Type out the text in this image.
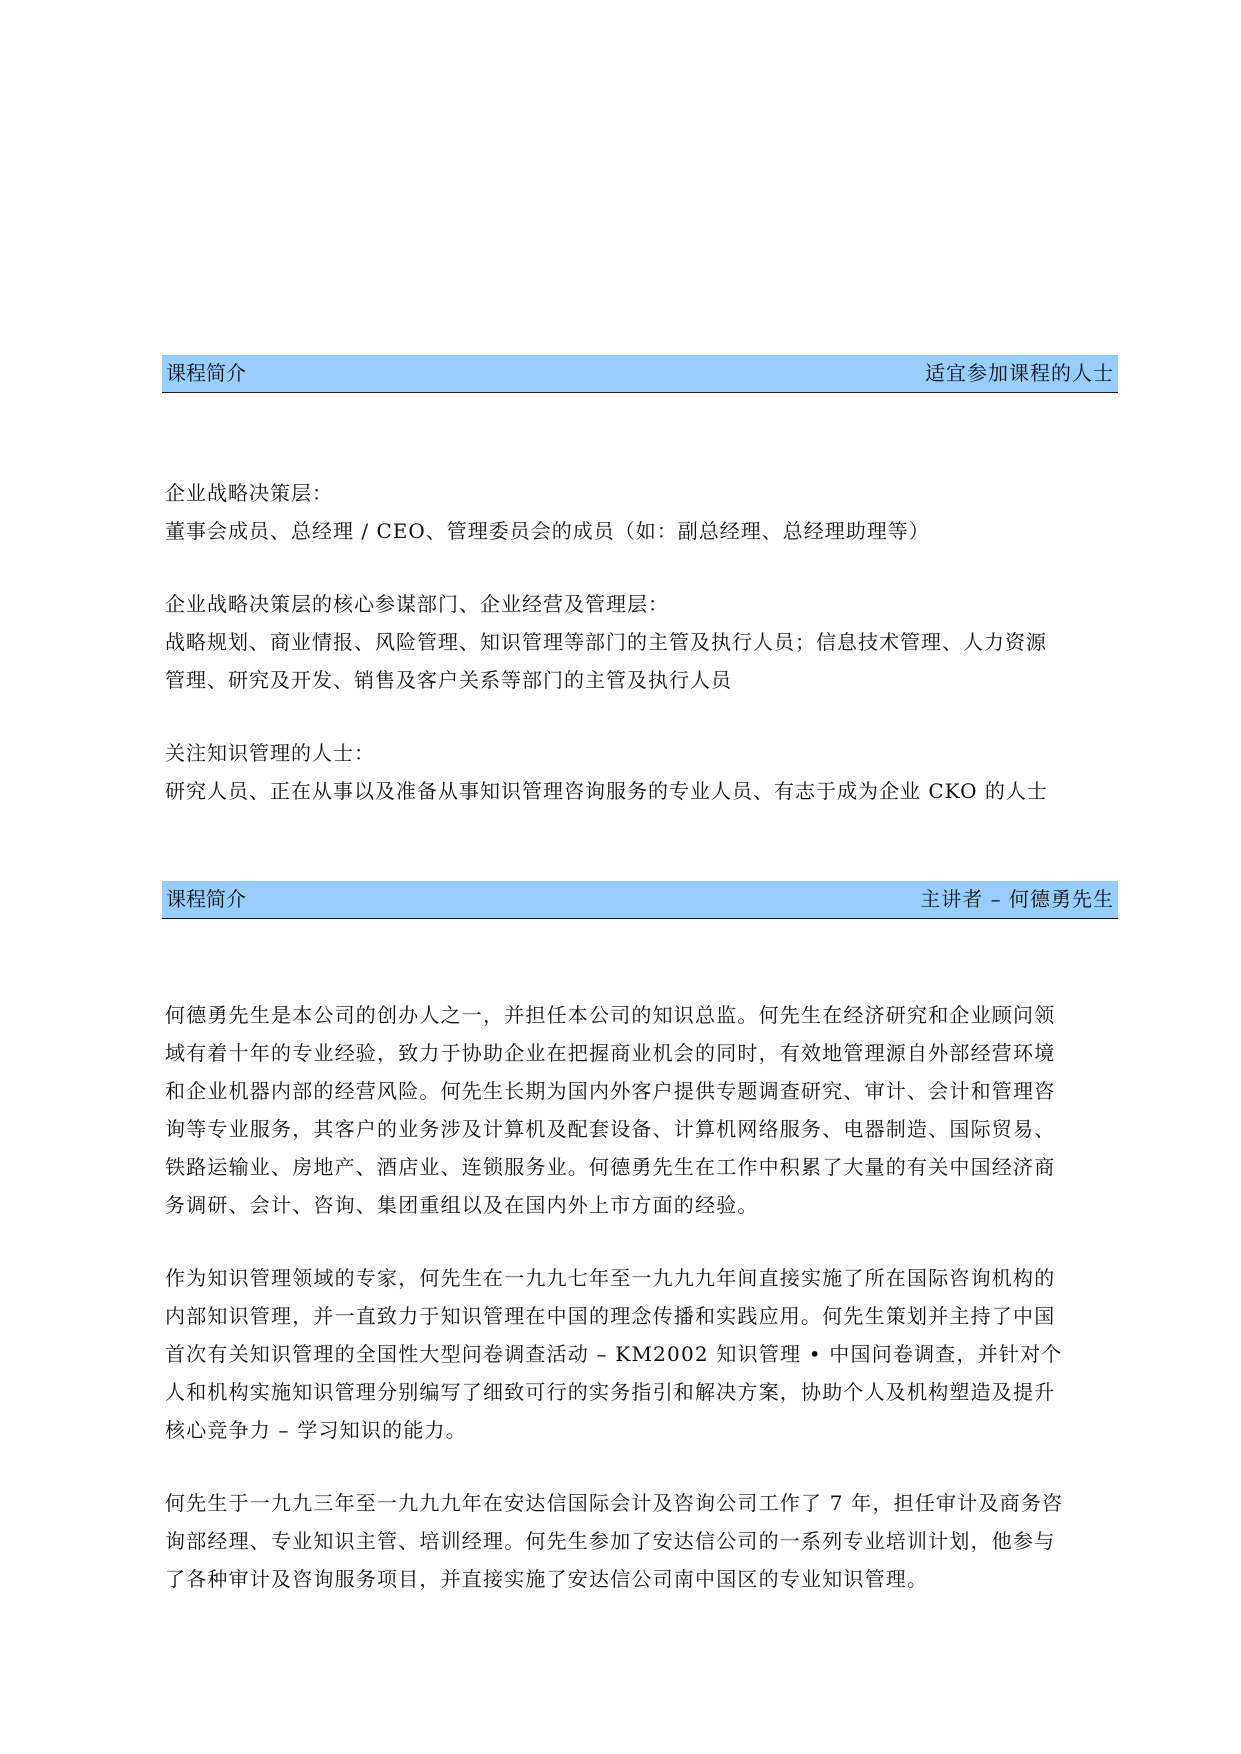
课程简介	适宜参加课程的人士
企业战略决策层：
董事会成员、总经理 / CEO、管理委员会的成员（如：副总经理、总经理助理等）
企业战略决策层的核心参谋部门、企业经营及管理层：
战略规划、商业情报、风险管理、知识管理等部门的主管及执行人员；信息技术管理、人力资源
管理、研究及开发、销售及客户关系等部门的主管及执行人员
关注知识管理的人士：
研究人员、正在从事以及准备从事知识管理咨询服务的专业人员、有志于成为企业 CKO 的人士
课程简介	主讲者 – 何德勇先生
何德勇先生是本公司的创办人之一，并担任本公司的知识总监。何先生在经济研究和企业顾问领
域有着十年的专业经验，致力于协助企业在把握商业机会的同时，有效地管理源自外部经营环境
和企业机器内部的经营风险。何先生长期为国内外客户提供专题调查研究、审计、会计和管理咨
询等专业服务，其客户的业务涉及计算机及配套设备、计算机网络服务、电器制造、国际贸易、
铁路运输业、房地产、酒店业、连锁服务业。何德勇先生在工作中积累了大量的有关中国经济商
务调研、会计、咨询、集团重组以及在国内外上市方面的经验。
作为知识管理领域的专家，何先生在一九九七年至一九九九年间直接实施了所在国际咨询机构的
内部知识管理，并一直致力于知识管理在中国的理念传播和实践应用。何先生策划并主持了中国
首次有关知识管理的全国性大型问卷调查活动 – KM2002 知识管理 • 中国问卷调查，并针对个
人和机构实施知识管理分别编写了细致可行的实务指引和解决方案，协助个人及机构塑造及提升
核心竞争力 – 学习知识的能力。
何先生于一九九三年至一九九九年在安达信国际会计及咨询公司工作了 7 年，担任审计及商务咨
询部经理、专业知识主管、培训经理。何先生参加了安达信公司的一系列专业培训计划，他参与
了各种审计及咨询服务项目，并直接实施了安达信公司南中国区的专业知识管理。
